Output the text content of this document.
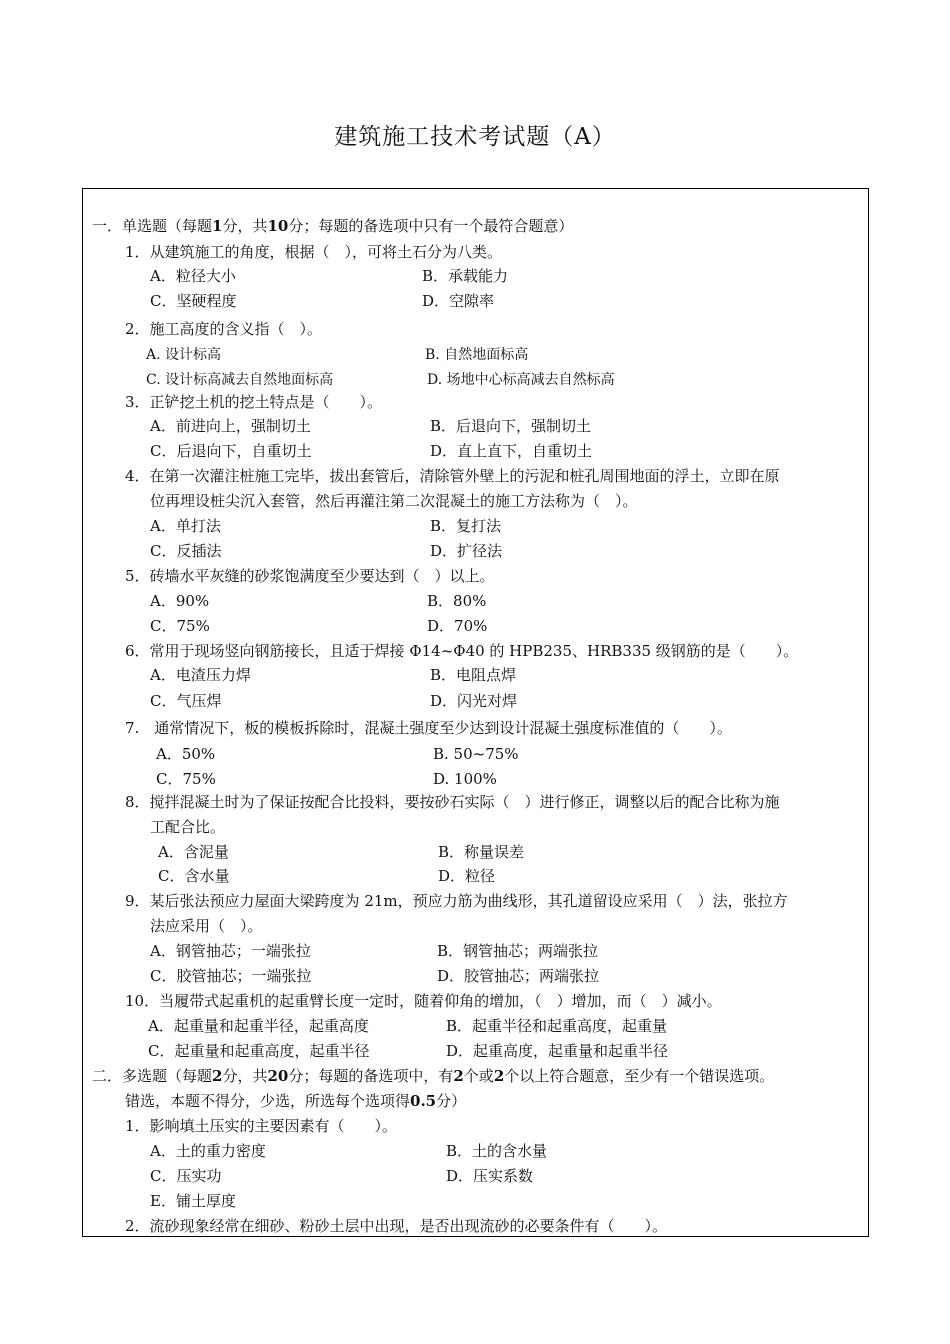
建筑施工技术考试题（A）
一．单选题（每题1分，共10分；每题的备选项中只有一个最符合题意）
1．从建筑施工的角度，根据（　），可将土石分为八类。
A．粒径大小	B．承载能力
C．坚硬程度	D．空隙率
2．施工高度的含义指（　）。
A. 设计标高	B. 自然地面标高
C. 设计标高减去自然地面标高	D. 场地中心标高减去自然标高
3．正铲挖土机的挖土特点是（　　）。
A．前进向上，强制切土	B．后退向下，强制切土
C．后退向下，自重切土	D．直上直下，自重切土
4．在第一次灌注桩施工完毕，拔出套管后，清除管外壁上的污泥和桩孔周围地面的浮土，立即在原
位再埋设桩尖沉入套管，然后再灌注第二次混凝土的施工方法称为（　）。
A．单打法	B．复打法
C．反插法	D．扩径法
5．砖墙水平灰缝的砂浆饱满度至少要达到（　）以上。
A．90%	B．80%
C．75%	D．70%
6．常用于现场竖向钢筋接长，且适于焊接 Φ14~Φ40 的 HPB235、HRB335 级钢筋的是（　　）。
A．电渣压力焊	B．电阻点焊
C．气压焊	D．闪光对焊
7.　通常情况下，板的模板拆除时，混凝土强度至少达到设计混凝土强度标准值的（　　）。
A．50%	B. 50~75%
C．75%	D. 100%
8．搅拌混凝土时为了保证按配合比投料，要按砂石实际（　）进行修正，调整以后的配合比称为施
工配合比。
A．含泥量	B．称量误差
C．含水量	D．粒径
9．某后张法预应力屋面大梁跨度为 21m，预应力筋为曲线形，其孔道留设应采用（　）法，张拉方
法应采用（　）。
A．钢管抽芯；一端张拉	B．钢管抽芯；两端张拉
C．胶管抽芯；一端张拉	D．胶管抽芯；两端张拉
10．当履带式起重机的起重臂长度一定时，随着仰角的增加，（　）增加，而（　）减小。
A．起重量和起重半径，起重高度	B．起重半径和起重高度，起重量
C．起重量和起重高度，起重半径	D．起重高度，起重量和起重半径
二．多选题（每题2分，共20分；每题的备选项中，有2个或2个以上符合题意，至少有一个错误选项。
错选，本题不得分，少选，所选每个选项得0.5分）
1．影响填土压实的主要因素有（　　）。
A．土的重力密度	B．土的含水量
C．压实功	D．压实系数
E．铺土厚度
2．流砂现象经常在细砂、粉砂土层中出现，是否出现流砂的必要条件有（　　）。
